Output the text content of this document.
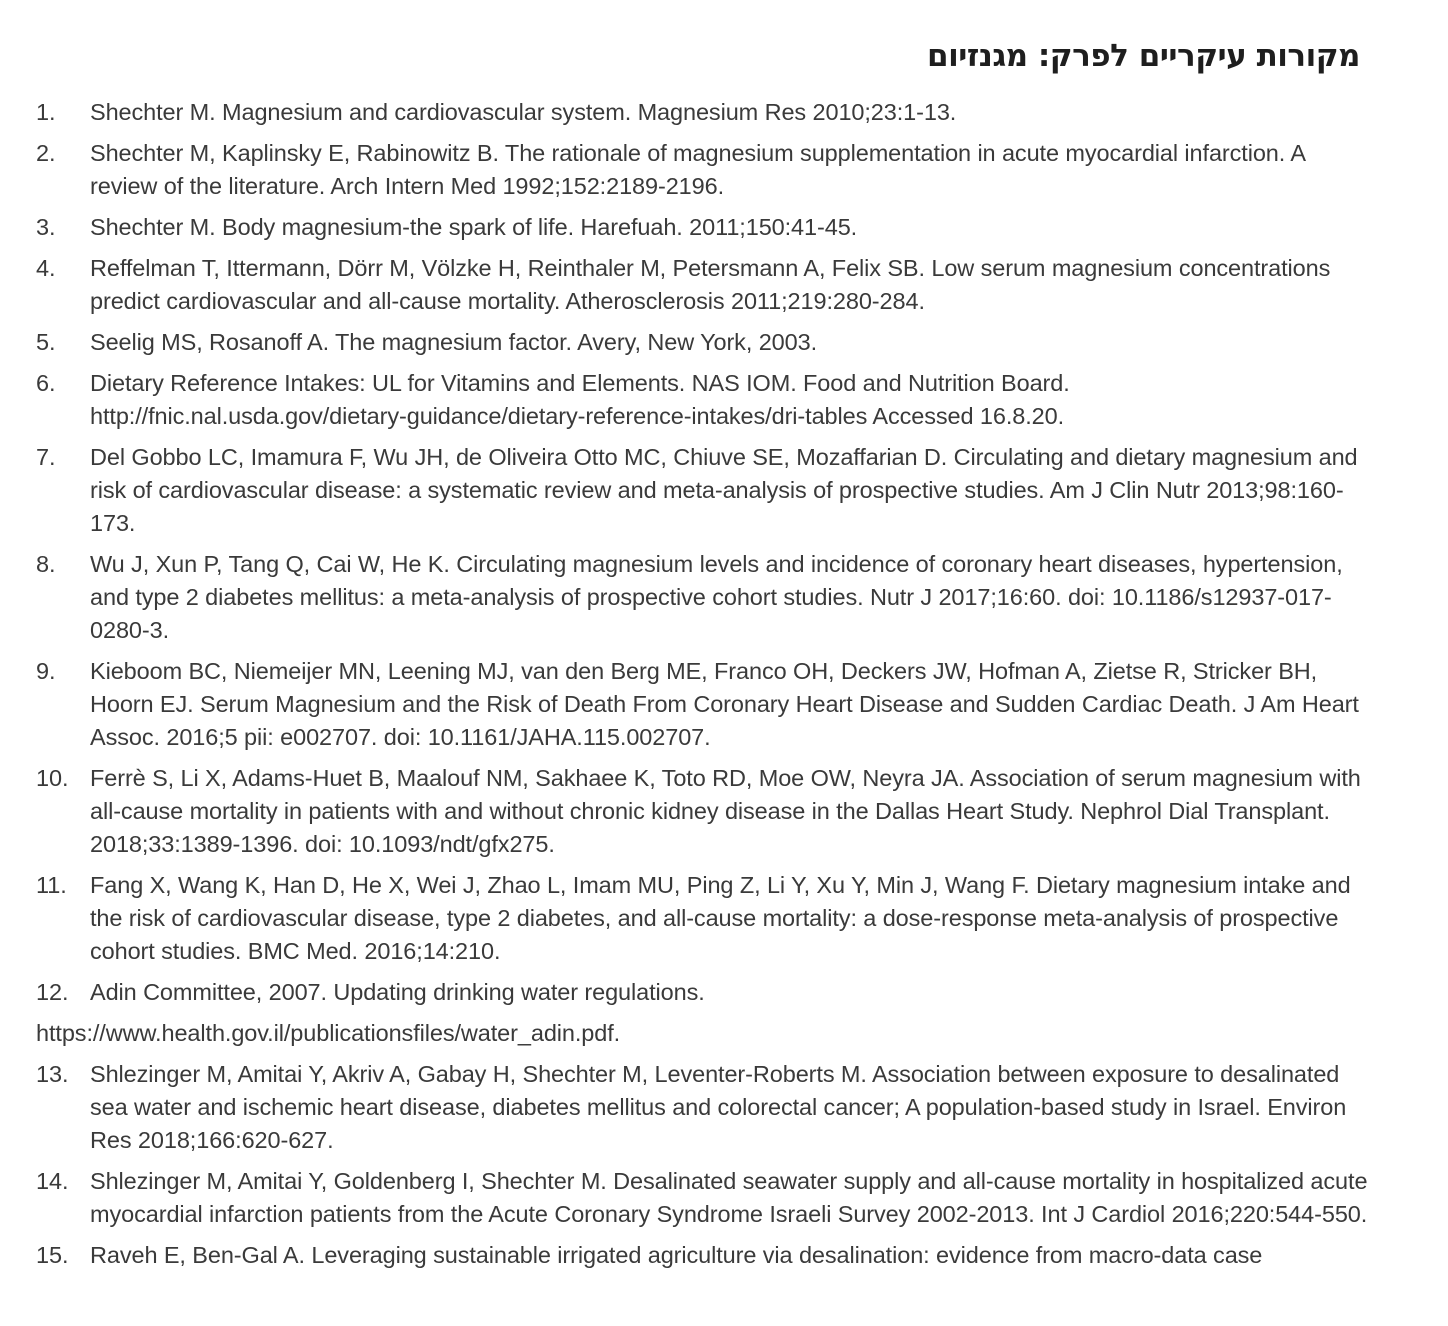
מקורות עיקריים לפרק: מגנזיום
1.	Shechter M. Magnesium and cardiovascular system. Magnesium Res 2010;23:1-13.
2.	Shechter M, Kaplinsky E, Rabinowitz B. The rationale of magnesium supplementation in acute myocardial infarction. A review of the literature. Arch Intern Med 1992;152:2189-2196.
3.	Shechter M. Body magnesium-the spark of life. Harefuah. 2011;150:41-45.
4.	Reffelman T, Ittermann, Dörr M, Völzke H, Reinthaler M, Petersmann A, Felix SB. Low serum magnesium concentrations predict cardiovascular and all-cause mortality. Atherosclerosis 2011;219:280-284.
5.	Seelig MS, Rosanoff A. The magnesium factor. Avery, New York, 2003.
6.	Dietary Reference Intakes: UL for Vitamins and Elements. NAS IOM. Food and Nutrition Board. http://fnic.nal.usda.gov/dietary-guidance/dietary-reference-intakes/dri-tables Accessed 16.8.20.
7.	Del Gobbo LC, Imamura F, Wu JH, de Oliveira Otto MC, Chiuve SE, Mozaffarian D. Circulating and dietary magnesium and risk of cardiovascular disease: a systematic review and meta-analysis of prospective studies. Am J Clin Nutr 2013;98:160-173.
8.	Wu J, Xun P, Tang Q, Cai W, He K. Circulating magnesium levels and incidence of coronary heart diseases, hypertension, and type 2 diabetes mellitus: a meta-analysis of prospective cohort studies. Nutr J 2017;16:60. doi: 10.1186/s12937-017-0280-3.
9.	Kieboom BC, Niemeijer MN, Leening MJ, van den Berg ME, Franco OH, Deckers JW, Hofman A, Zietse R, Stricker BH, Hoorn EJ. Serum Magnesium and the Risk of Death From Coronary Heart Disease and Sudden Cardiac Death. J Am Heart Assoc. 2016;5 pii: e002707. doi: 10.1161/JAHA.115.002707.
10. Ferrè S, Li X, Adams-Huet B, Maalouf NM, Sakhaee K, Toto RD, Moe OW, Neyra JA. Association of serum magnesium with all-cause mortality in patients with and without chronic kidney disease in the Dallas Heart Study. Nephrol Dial Transplant. 2018;33:1389-1396. doi: 10.1093/ndt/gfx275.
11. Fang X, Wang K, Han D, He X, Wei J, Zhao L, Imam MU, Ping Z, Li Y, Xu Y, Min J, Wang F. Dietary magnesium intake and the risk of cardiovascular disease, type 2 diabetes, and all-cause mortality: a dose-response meta-analysis of prospective cohort studies. BMC Med. 2016;14:210.
12. Adin Committee, 2007. Updating drinking water regulations.
https://www.health.gov.il/publicationsfiles/water_adin.pdf.
13. Shlezinger M, Amitai Y, Akriv A, Gabay H, Shechter M, Leventer-Roberts M. Association between exposure to desalinated sea water and ischemic heart disease, diabetes mellitus and colorectal cancer; A population-based study in Israel. Environ Res 2018;166:620-627.
14. Shlezinger M, Amitai Y, Goldenberg I, Shechter M. Desalinated seawater supply and all-cause mortality in hospitalized acute myocardial infarction patients from the Acute Coronary Syndrome Israeli Survey 2002-2013. Int J Cardiol 2016;220:544-550.
15. Raveh E, Ben-Gal A. Leveraging sustainable irrigated agriculture via desalination: evidence from macro-data case
